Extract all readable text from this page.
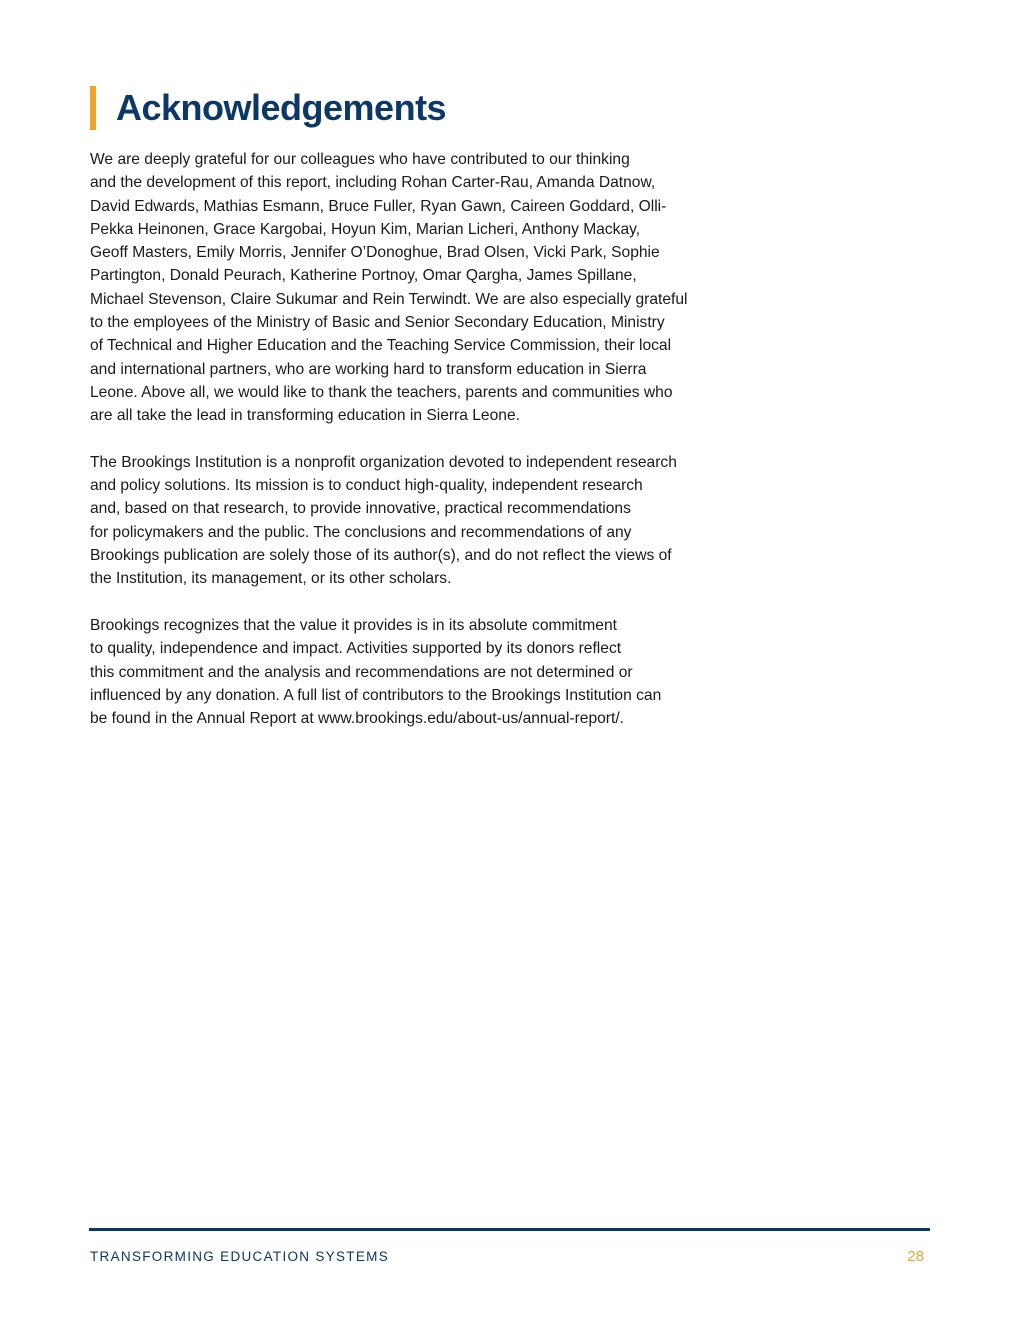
Acknowledgements

We are deeply grateful for our colleagues who have contributed to our thinking
and the development of this report, including Rohan Carter-Rau, Amanda Datnow,
David Edwards, Mathias Esmann, Bruce Fuller, Ryan Gawn, Caireen Goddard, Olli-
Pekka Heinonen, Grace Kargobai, Hoyun Kim, Marian Licheri, Anthony Mackay,
Geoff Masters, Emily Morris, Jennifer O’Donoghue, Brad Olsen, Vicki Park, Sophie
Partington, Donald Peurach, Katherine Portnoy, Omar Qargha, James Spillane,
Michael Stevenson, Claire Sukumar and Rein Terwindt. We are also especially grateful
to the employees of the Ministry of Basic and Senior Secondary Education, Ministry
of Technical and Higher Education and the Teaching Service Commission, their local
and international partners, who are working hard to transform education in Sierra
Leone. Above all, we would like to thank the teachers, parents and communities who
are all take the lead in transforming education in Sierra Leone.

The Brookings Institution is a nonprofit organization devoted to independent research
and policy solutions. Its mission is to conduct high-quality, independent research
and, based on that research, to provide innovative, practical recommendations
for policymakers and the public. The conclusions and recommendations of any
Brookings publication are solely those of its author(s), and do not reflect the views of
the Institution, its management, or its other scholars.

Brookings recognizes that the value it provides is in its absolute commitment
to quality, independence and impact. Activities supported by its donors reflect
this commitment and the analysis and recommendations are not determined or
influenced by any donation. A full list of contributors to the Brookings Institution can
be found in the Annual Report at www.brookings.edu/about-us/annual-report/.

TRANSFORMING EDUCATION SYSTEMS	28
